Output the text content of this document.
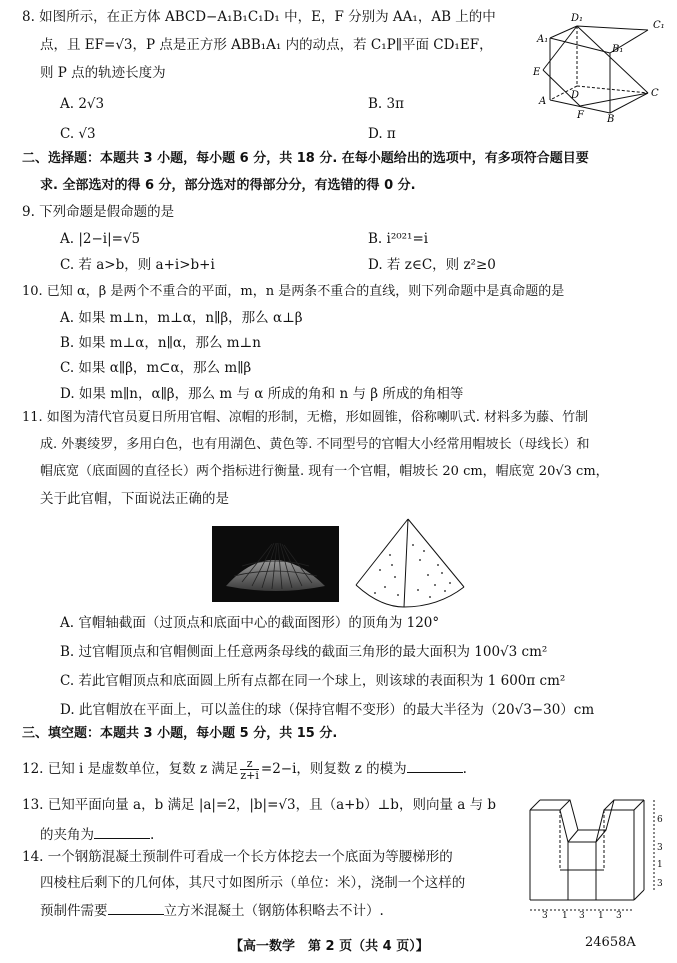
8. 如图所示，在正方体 ABCD−A₁B₁C₁D₁ 中，E，F 分别为 AA₁，AB 上的中
点，且 EF=√3，P 点是正方形 ABB₁A₁ 内的动点，若 C₁P∥平面 CD₁EF，
则 P 点的轨迹长度为
A. 2√3	B. 3π
C. √3	D. π
D₁
C₁
A₁
B₁
E
D	C
A
F B
二、选择题：本题共 3 小题，每小题 6 分，共 18 分. 在每小题给出的选项中，有多项符合题目要
求. 全部选对的得 6 分，部分选对的得部分分，有选错的得 0 分.
9. 下列命题是假命题的是
A. |2−i|=√5	B. i²⁰²¹=i
C. 若 a>b，则 a+i>b+i	D. 若 z∈C，则 z²≥0
10. 已知 α，β 是两个不重合的平面，m，n 是两条不重合的直线，则下列命题中是真命题的是
A. 如果 m⊥n，m⊥α，n∥β，那么 α⊥β
B. 如果 m⊥α，n∥α，那么 m⊥n
C. 如果 α∥β，m⊂α，那么 m∥β
D. 如果 m∥n，α∥β，那么 m 与 α 所成的角和 n 与 β 所成的角相等
11. 如图为清代官员夏日所用官帽、凉帽的形制，无檐，形如圆锥，俗称喇叭式. 材料多为藤、竹制
成. 外裹绫罗，多用白色，也有用湖色、黄色等. 不同型号的官帽大小经常用帽坡长（母线长）和
帽底宽（底面圆的直径长）两个指标进行衡量. 现有一个官帽，帽坡长 20 cm，帽底宽 20√3 cm，
关于此官帽，下面说法正确的是
A. 官帽轴截面（过顶点和底面中心的截面图形）的顶角为 120°
B. 过官帽顶点和官帽侧面上任意两条母线的截面三角形的最大面积为 100√3 cm²
C. 若此官帽顶点和底面圆上所有点都在同一个球上，则该球的表面积为 1 600π cm²
D. 此官帽放在平面上，可以盖住的球（保持官帽不变形）的最大半径为（20√3−30）cm
三、填空题：本题共 3 小题，每小题 5 分，共 15 分.
12. 已知 i 是虚数单位，复数 z 满足 $\frac{z}{z+i} =2-i$，则复数 z 的模为	.
13. 已知平面向量 a，b 满足 |a|=2，|b|=√3，且（a+b）⊥b，则向量 a 与 b
的夹角为	.
14. 一个钢筋混凝土预制件可看成一个长方体挖去一个底面为等腰梯形的
四棱柱后剩下的几何体，其尺寸如图所示（单位：米），浇制一个这样的
预制件需要	立方米混凝土（钢筋体积略去不计）.
6
3
1
3
3 1 3 1 3
【高一数学　第 2 页（共 4 页）】	24658A
